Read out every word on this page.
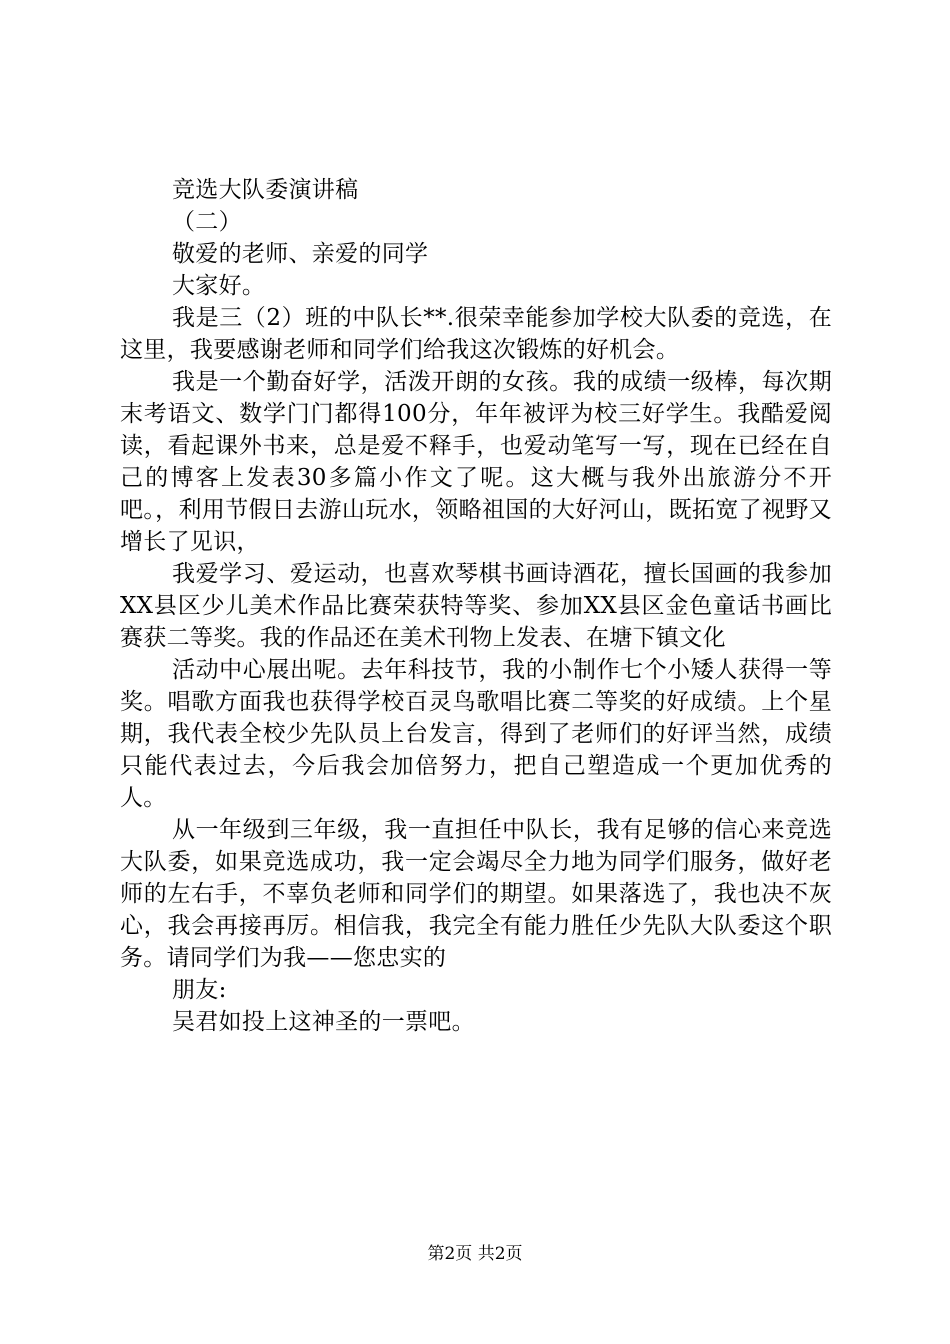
竞选大队委演讲稿

（二）

敬爱的老师、亲爱的同学

大家好。

我是三（2）班的中队长**.很荣幸能参加学校大队委的竞选，在这里，我要感谢老师和同学们给我这次锻炼的好机会。

我是一个勤奋好学，活泼开朗的女孩。我的成绩一级棒，每次期末考语文、数学门门都得100分，年年被评为校三好学生。我酷爱阅读，看起课外书来，总是爱不释手，也爱动笔写一写，现在已经在自己的博客上发表30多篇小作文了呢。这大概与我外出旅游分不开吧。，利用节假日去游山玩水，领略祖国的大好河山，既拓宽了视野又增长了见识，

我爱学习、爱运动，也喜欢琴棋书画诗酒花，擅长国画的我参加XX县区少儿美术作品比赛荣获特等奖、参加XX县区金色童话书画比赛获二等奖。我的作品还在美术刊物上发表、在塘下镇文化

活动中心展出呢。去年科技节，我的小制作七个小矮人获得一等奖。唱歌方面我也获得学校百灵鸟歌唱比赛二等奖的好成绩。上个星期，我代表全校少先队员上台发言，得到了老师们的好评当然，成绩只能代表过去，今后我会加倍努力，把自己塑造成一个更加优秀的人。

从一年级到三年级，我一直担任中队长，我有足够的信心来竞选大队委，如果竞选成功，我一定会竭尽全力地为同学们服务，做好老师的左右手，不辜负老师和同学们的期望。如果落选了，我也决不灰心，我会再接再厉。相信我，我完全有能力胜任少先队大队委这个职务。请同学们为我——您忠实的

朋友:

吴君如投上这神圣的一票吧。

第2页 共2页
